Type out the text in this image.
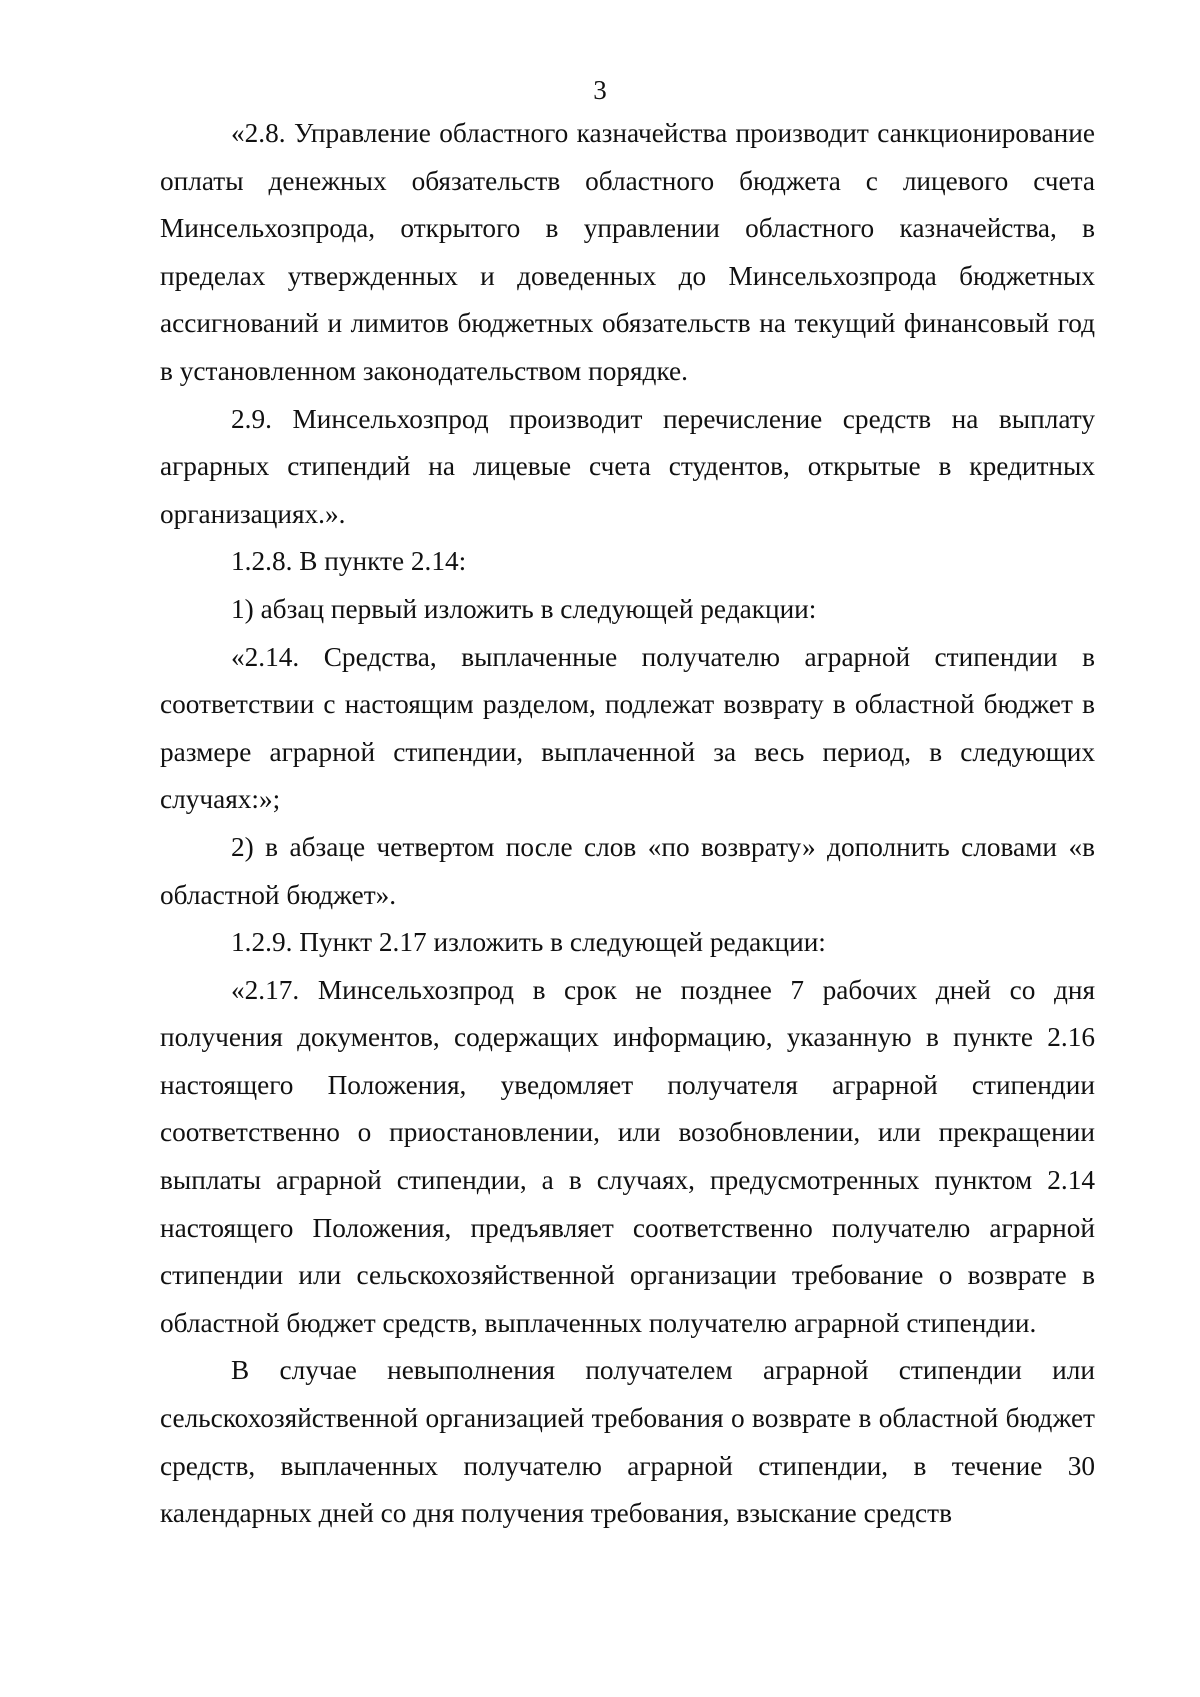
3

«2.8. Управление областного казначейства производит санкционирование оплаты денежных обязательств областного бюджета с лицевого счета Минсельхозпрода, открытого в управлении областного казначейства, в пределах утвержденных и доведенных до Минсельхозпрода бюджетных ассигнований и лимитов бюджетных обязательств на текущий финансовый год в установленном законодательством порядке.

2.9. Минсельхозпрод производит перечисление средств на выплату аграрных стипендий на лицевые счета студентов, открытые в кредитных организациях.».

1.2.8. В пункте 2.14:

1) абзац первый изложить в следующей редакции:

«2.14. Средства, выплаченные получателю аграрной стипендии в соответствии с настоящим разделом, подлежат возврату в областной бюджет в размере аграрной стипендии, выплаченной за весь период, в следующих случаях:»;

2) в абзаце четвертом после слов «по возврату» дополнить словами «в областной бюджет».

1.2.9. Пункт 2.17 изложить в следующей редакции:

«2.17. Минсельхозпрод в срок не позднее 7 рабочих дней со дня получения документов, содержащих информацию, указанную в пункте 2.16 настоящего Положения, уведомляет получателя аграрной стипендии соответственно о приостановлении, или возобновлении, или прекращении выплаты аграрной стипендии, а в случаях, предусмотренных пунктом 2.14 настоящего Положения, предъявляет соответственно получателю аграрной стипендии или сельскохозяйственной организации требование о возврате в областной бюджет средств, выплаченных получателю аграрной стипендии.

В случае невыполнения получателем аграрной стипендии или сельскохозяйственной организацией требования о возврате в областной бюджет средств, выплаченных получателю аграрной стипендии, в течение 30 календарных дней со дня получения требования, взыскание средств
